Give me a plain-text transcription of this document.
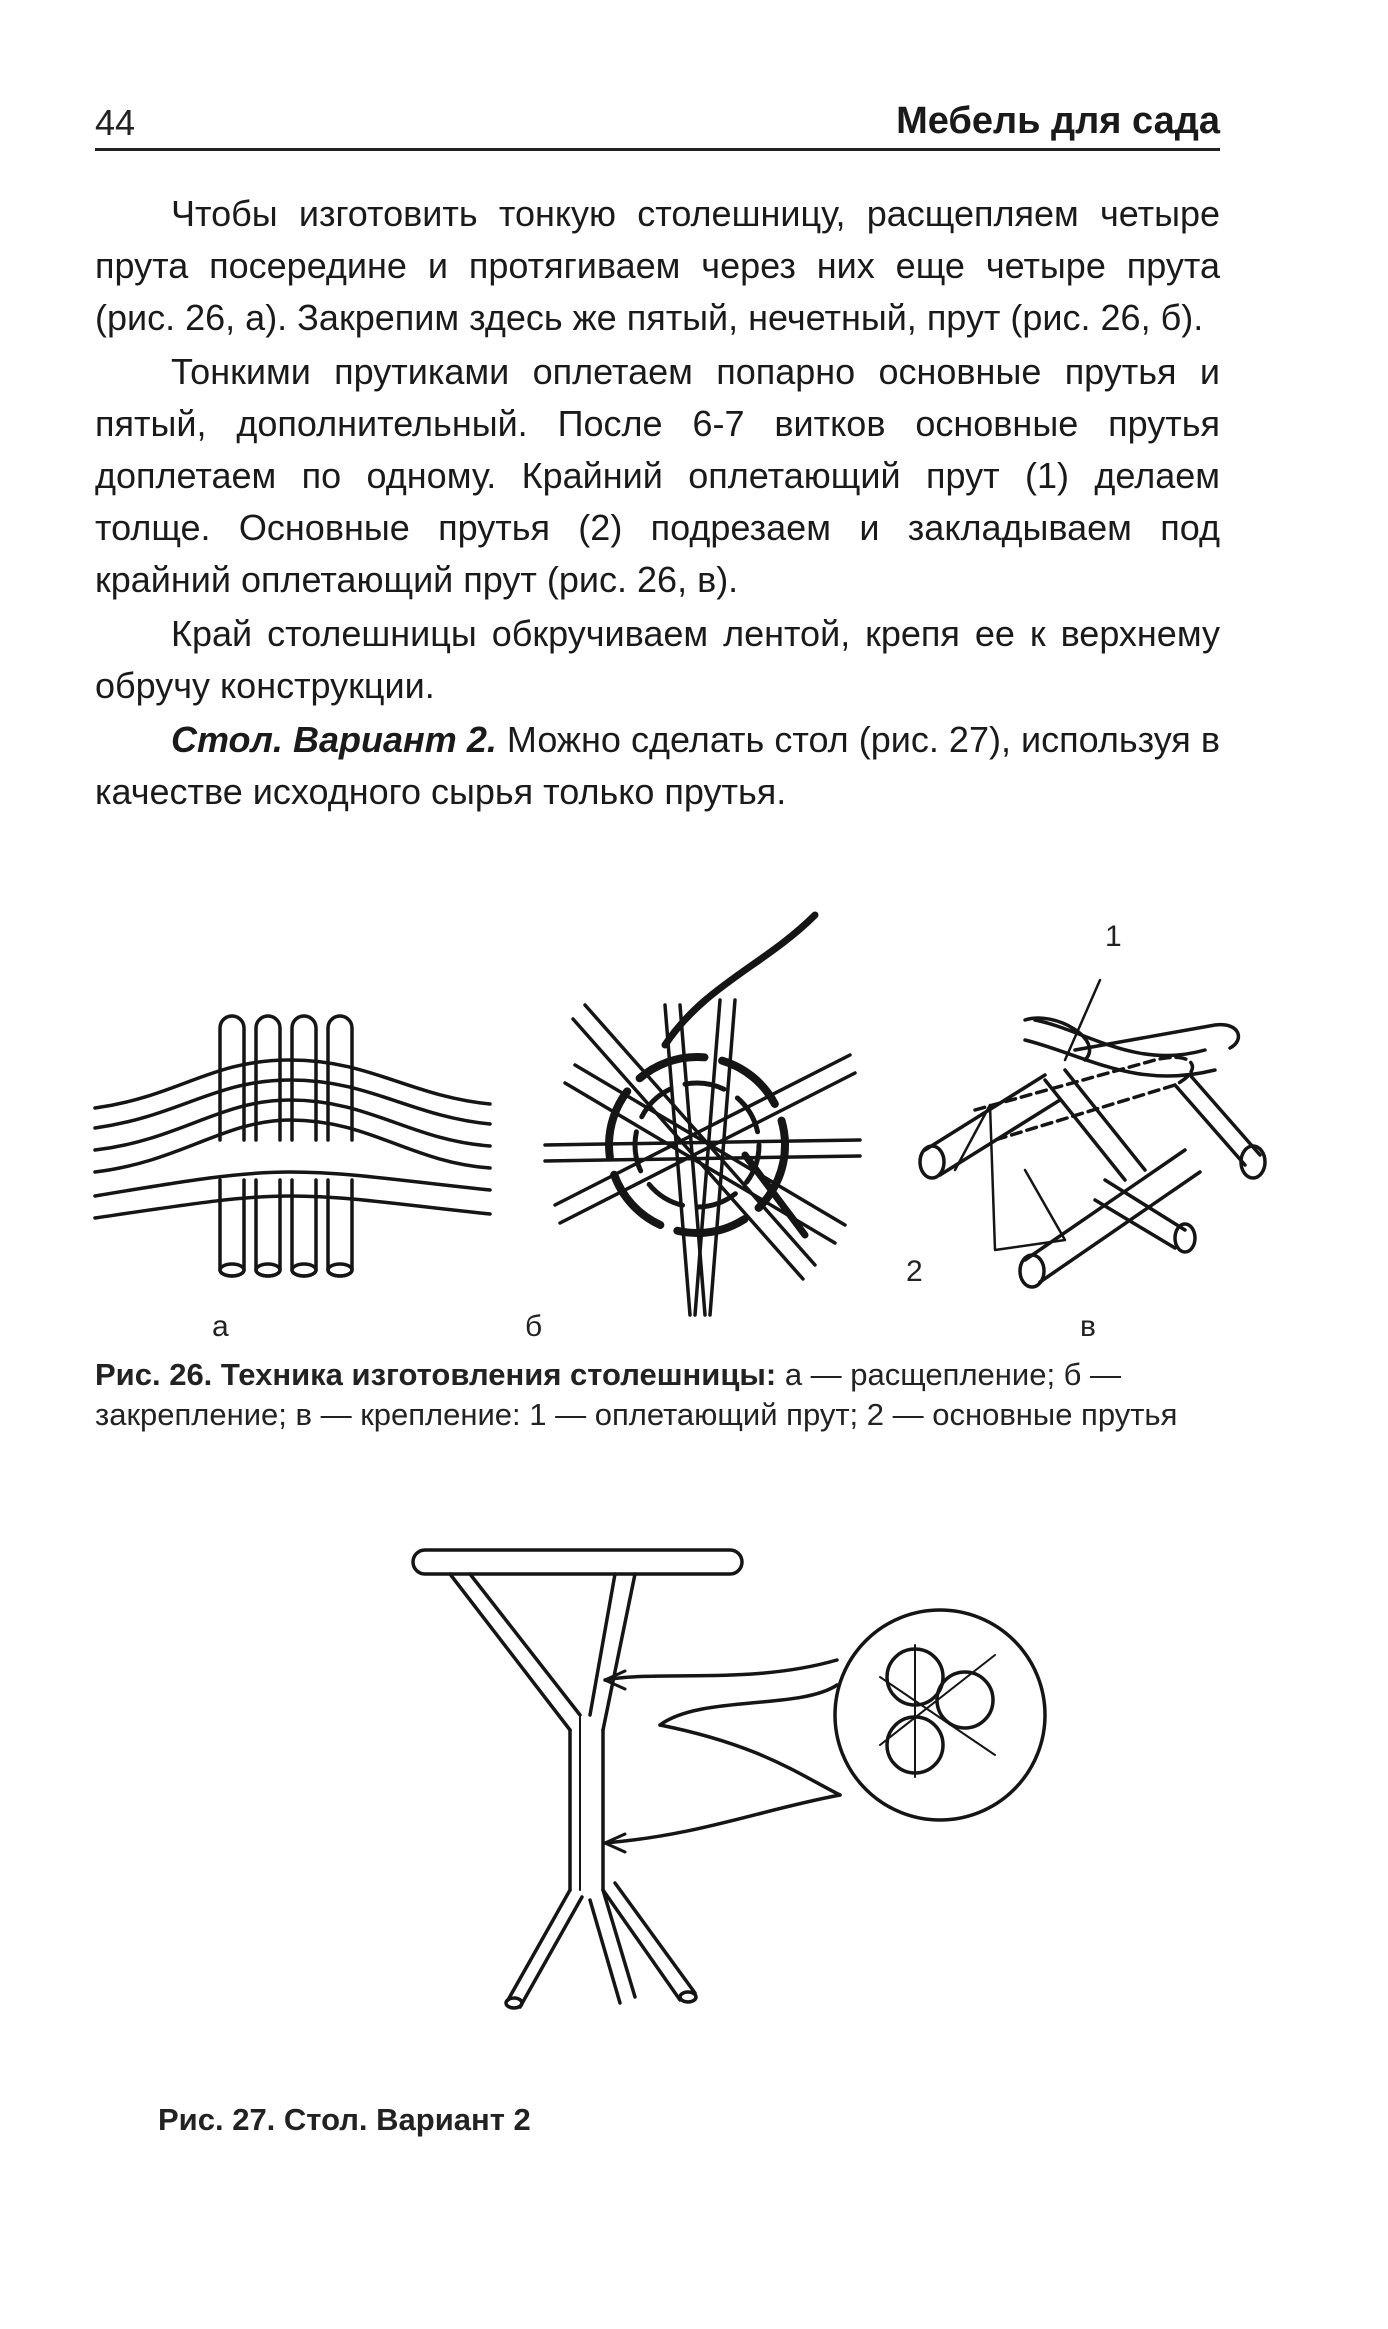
44	Мебель для сада

Чтобы изготовить тонкую столешницу, расщепляем четыре прута посередине и протягиваем через них еще четыре прута (рис. 26, а). Закрепим здесь же пятый, нечетный, прут (рис. 26, б).

Тонкими прутиками оплетаем попарно основные прутья и пятый, дополнительный. После 6-7 витков основные прутья доплетаем по одному. Крайний оплетающий прут (1) делаем толще. Основные прутья (2) подрезаем и закладываем под крайний оплетающий прут (рис. 26, в).

Край столешницы обкручиваем лентой, крепя ее к верхнему обручу конструкции.

Стол. Вариант 2. Можно сделать стол (рис. 27), используя в качестве исходного сырья только прутья.

а	б
1
2
в
Рис. 26. Техника изготовления столешницы: а — расщепление; б — закрепление; в — крепление: 1 — оплетающий прут; 2 — основные прутья
Рис. 27. Стол. Вариант 2
